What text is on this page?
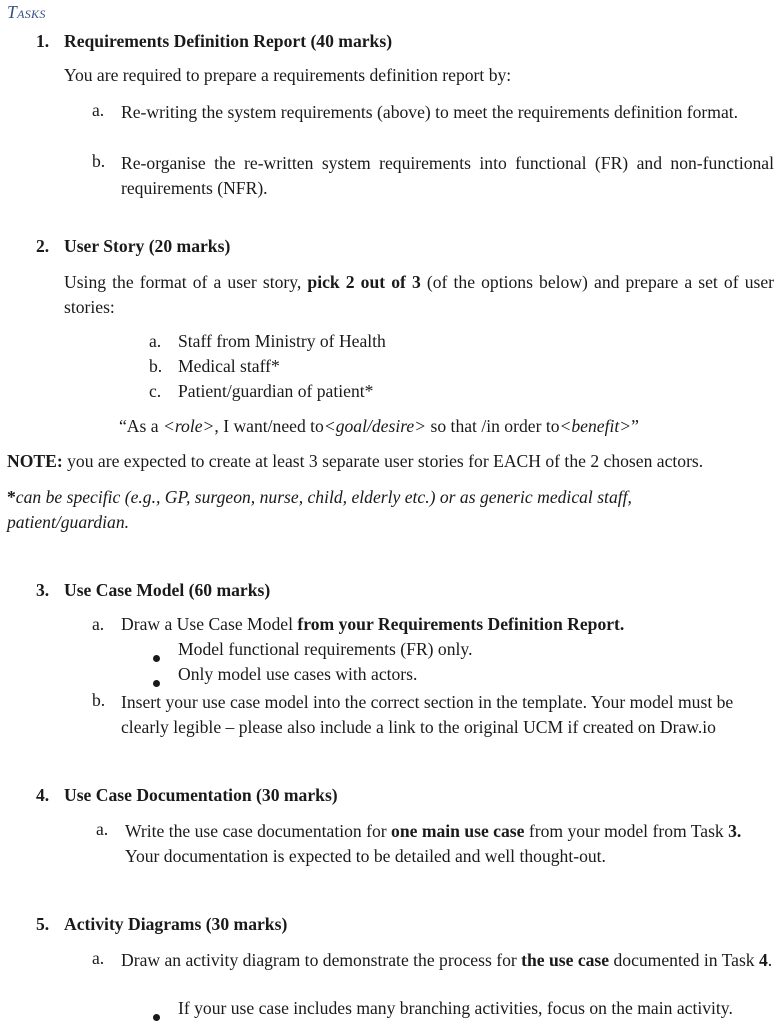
Tasks
1. Requirements Definition Report (40 marks)
You are required to prepare a requirements definition report by:
a. Re-writing the system requirements (above) to meet the requirements definition format.
b. Re-organise the re-written system requirements into functional (FR) and non-functional requirements (NFR).
2. User Story (20 marks)
Using the format of a user story, pick 2 out of 3 (of the options below) and prepare a set of user stories:
a. Staff from Ministry of Health
b. Medical staff*
c. Patient/guardian of patient*
“As a <role>, I want/need to<goal/desire> so that /in order to<benefit>”
NOTE: you are expected to create at least 3 separate user stories for EACH of the 2 chosen actors.
*can be specific (e.g., GP, surgeon, nurse, child, elderly etc.) or as generic medical staff, patient/guardian.
3. Use Case Model (60 marks)
a. Draw a Use Case Model from your Requirements Definition Report.
Model functional requirements (FR) only.
Only model use cases with actors.
b. Insert your use case model into the correct section in the template. Your model must be clearly legible – please also include a link to the original UCM if created on Draw.io
4. Use Case Documentation (30 marks)
a. Write the use case documentation for one main use case from your model from Task 3. Your documentation is expected to be detailed and well thought-out.
5. Activity Diagrams (30 marks)
a. Draw an activity diagram to demonstrate the process for the use case documented in Task 4.
If your use case includes many branching activities, focus on the main activity.
